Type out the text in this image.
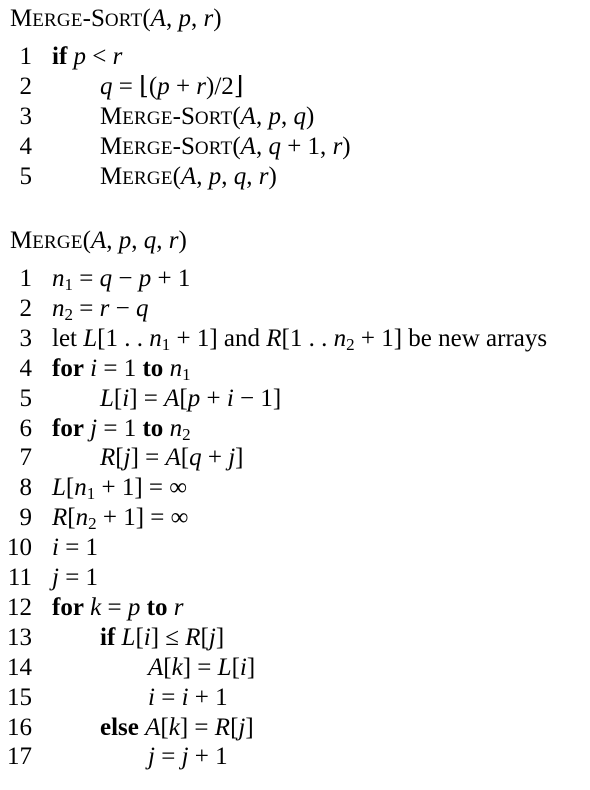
MERGE-SORT(A, p, r)
1 if p < r
2	q = ⌊(p + r)/2⌋
3	MERGE-SORT(A, p, q)
4	MERGE-SORT(A, q + 1, r)
5	MERGE(A, p, q, r)
MERGE(A, p, q, r)
1 $n_1 = q - p + 1$
2 $n_2 = r - q$
3 let L[1 . . $n_1 + 1$] and R[1 . . $n_2 + 1$] be new arrays
4 for i = 1 to $n_1$
5	L[i] = A[p + i − 1]
6 for j = 1 to $n_2$
7	R[j] = A[q + j]
8 $L[n_1 + 1]$ = ∞
9 $R[n_2 + 1]$ = ∞
10 i = 1
11 j = 1
12 for k = p to r
13	if L[i] ≤ R[j]
14	A[k] = L[i]
15	i = i + 1
16	else A[k] = R[j]
17	j = j + 1
